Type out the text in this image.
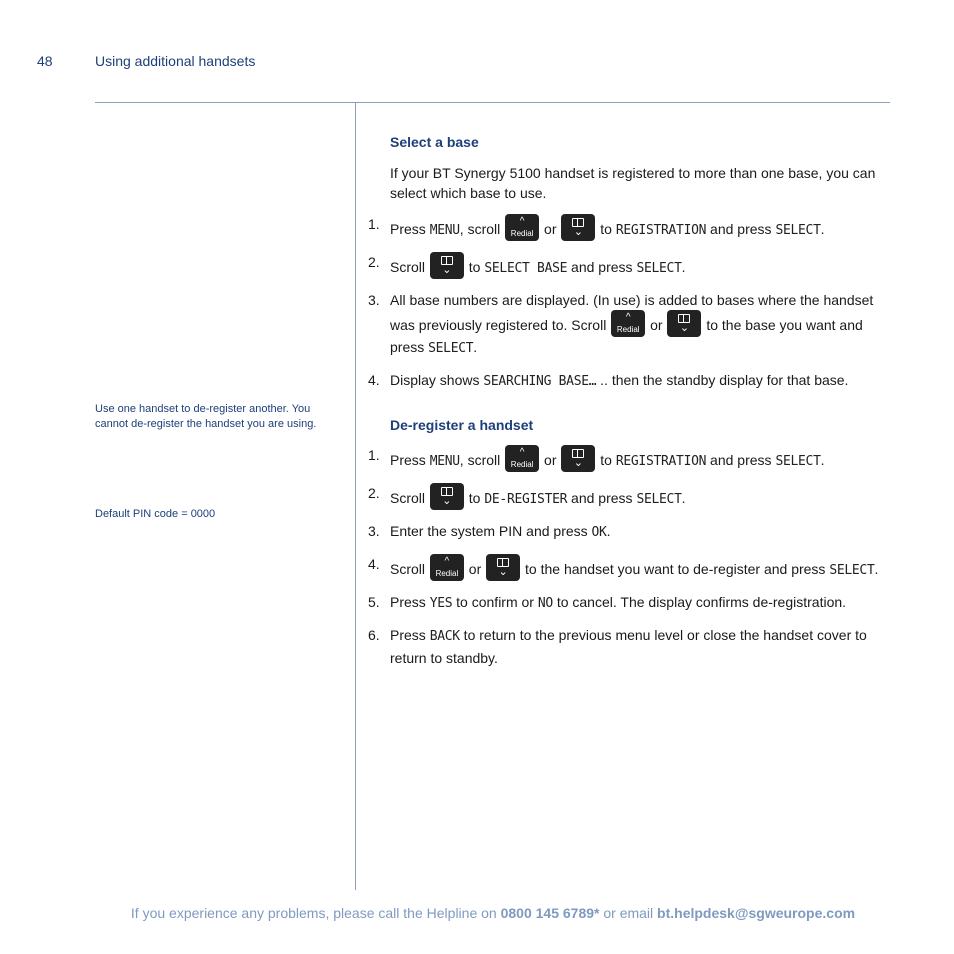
48	Using additional handsets
Use one handset to de-register another. You cannot de-register the handset you are using.
Default PIN code = 0000
Select a base

If your BT Synergy 5100 handset is registered to more than one base, you can select which base to use.

1. Press MENU, scroll	^
Redial or	⌄	to REGISTRATION and press SELECT.
2. Scroll	⌄	to SELECT BASE and press SELECT.
3. All base numbers are displayed. (In use) is added to bases where the handset was previously registered to. Scroll	^
Redial or	⌄	to the base you want and press SELECT.
4. Display shows SEARCHING BASE… .. then the standby display for that base.
De-register a handset
1. Press MENU, scroll	^
Redial or	⌄	to REGISTRATION and press SELECT.
2. Scroll	⌄	to DE-REGISTER and press SELECT.
3. Enter the system PIN and press OK.
4. Scroll	^
Redial or	⌄	to the handset you want to de-register and press SELECT.
5. Press YES to confirm or NO to cancel. The display confirms de-registration.
6. Press BACK to return to the previous menu level or close the handset cover to return to standby.
If you experience any problems, please call the Helpline on 0800 145 6789* or email bt.helpdesk@sgweurope.com
